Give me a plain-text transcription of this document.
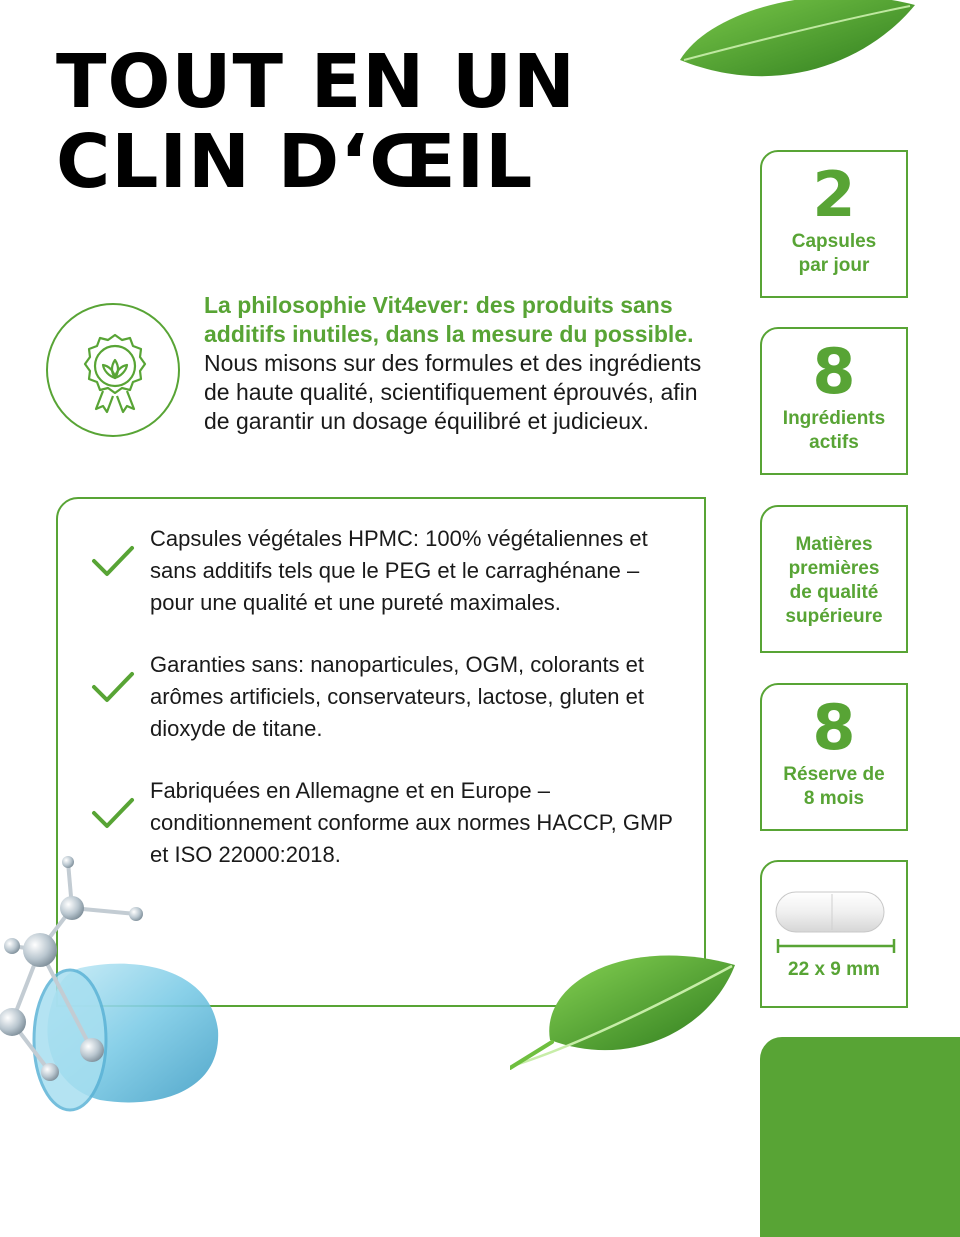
TOUT EN UN
CLIN D‘ŒIL

La philosophie Vit4ever: des produits sans additifs inutiles, dans la mesure du possible. Nous misons sur des formules et des ingrédients de haute qualité, scientifiquement éprouvés, afin de garantir un dosage équilibré et judicieux.

Capsules végétales HPMC: 100% végétaliennes et sans additifs tels que le PEG et le carraghénane – pour une qualité et une pureté maximales.
Garanties sans: nanoparticules, OGM, colorants et arômes artificiels, conservateurs, lactose, gluten et dioxyde de titane.
Fabriquées en Allemagne et en Europe – conditionnement conforme aux normes HACCP, GMP et ISO 22000:2018.
2
Capsules par jour
8
Ingrédients actifs
Matières premières de qualité supérieure
8
Réserve de 8 mois
22 x 9 mm
